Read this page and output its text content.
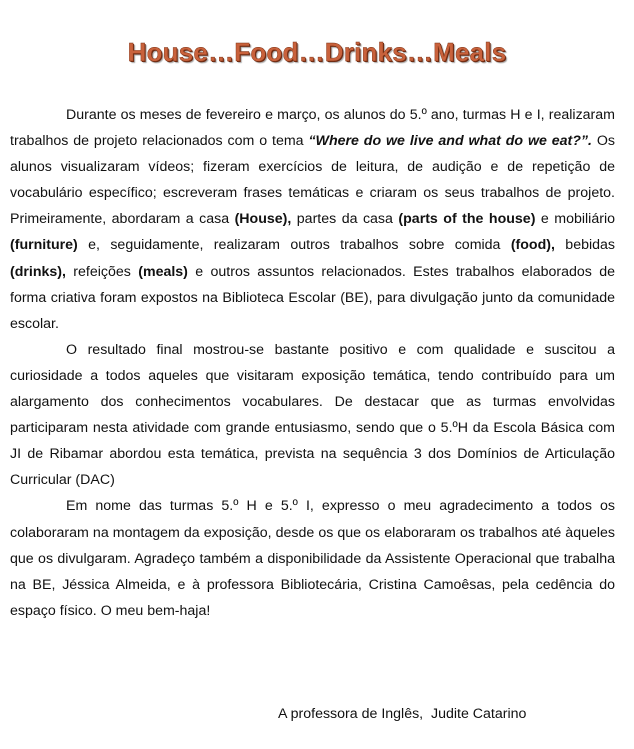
House…Food…Drinks…Meals

Durante os meses de fevereiro e março, os alunos do 5.º ano, turmas H e I, realizaram trabalhos de projeto relacionados com o tema “Where do we live and what do we eat?”. Os alunos visualizaram vídeos; fizeram exercícios de leitura, de audição e de repetição de vocabulário específico; escreveram frases temáticas e criaram os seus trabalhos de projeto. Primeiramente, abordaram a casa (House), partes da casa (parts of the house) e mobiliário (furniture) e, seguidamente, realizaram outros trabalhos sobre comida (food), bebidas (drinks), refeições (meals) e outros assuntos relacionados. Estes trabalhos elaborados de forma criativa foram expostos na Biblioteca Escolar (BE), para divulgação junto da comunidade escolar.

O resultado final mostrou-se bastante positivo e com qualidade e suscitou a curiosidade a todos aqueles que visitaram exposição temática, tendo contribuído para um alargamento dos conhecimentos vocabulares. De destacar que as turmas envolvidas participaram nesta atividade com grande entusiasmo, sendo que o 5.ºH da Escola Básica com JI de Ribamar abordou esta temática, prevista na sequência 3 dos Domínios de Articulação Curricular (DAC)

Em nome das turmas 5.º H e 5.º I, expresso o meu agradecimento a todos os colaboraram na montagem da exposição, desde os que os elaboraram os trabalhos até àqueles que os divulgaram. Agradeço também a disponibilidade da Assistente Operacional que trabalha na BE, Jéssica Almeida, e à professora Bibliotecária, Cristina Camoêsas, pela cedência do espaço físico. O meu bem-haja!

A professora de Inglês,  Judite Catarino
